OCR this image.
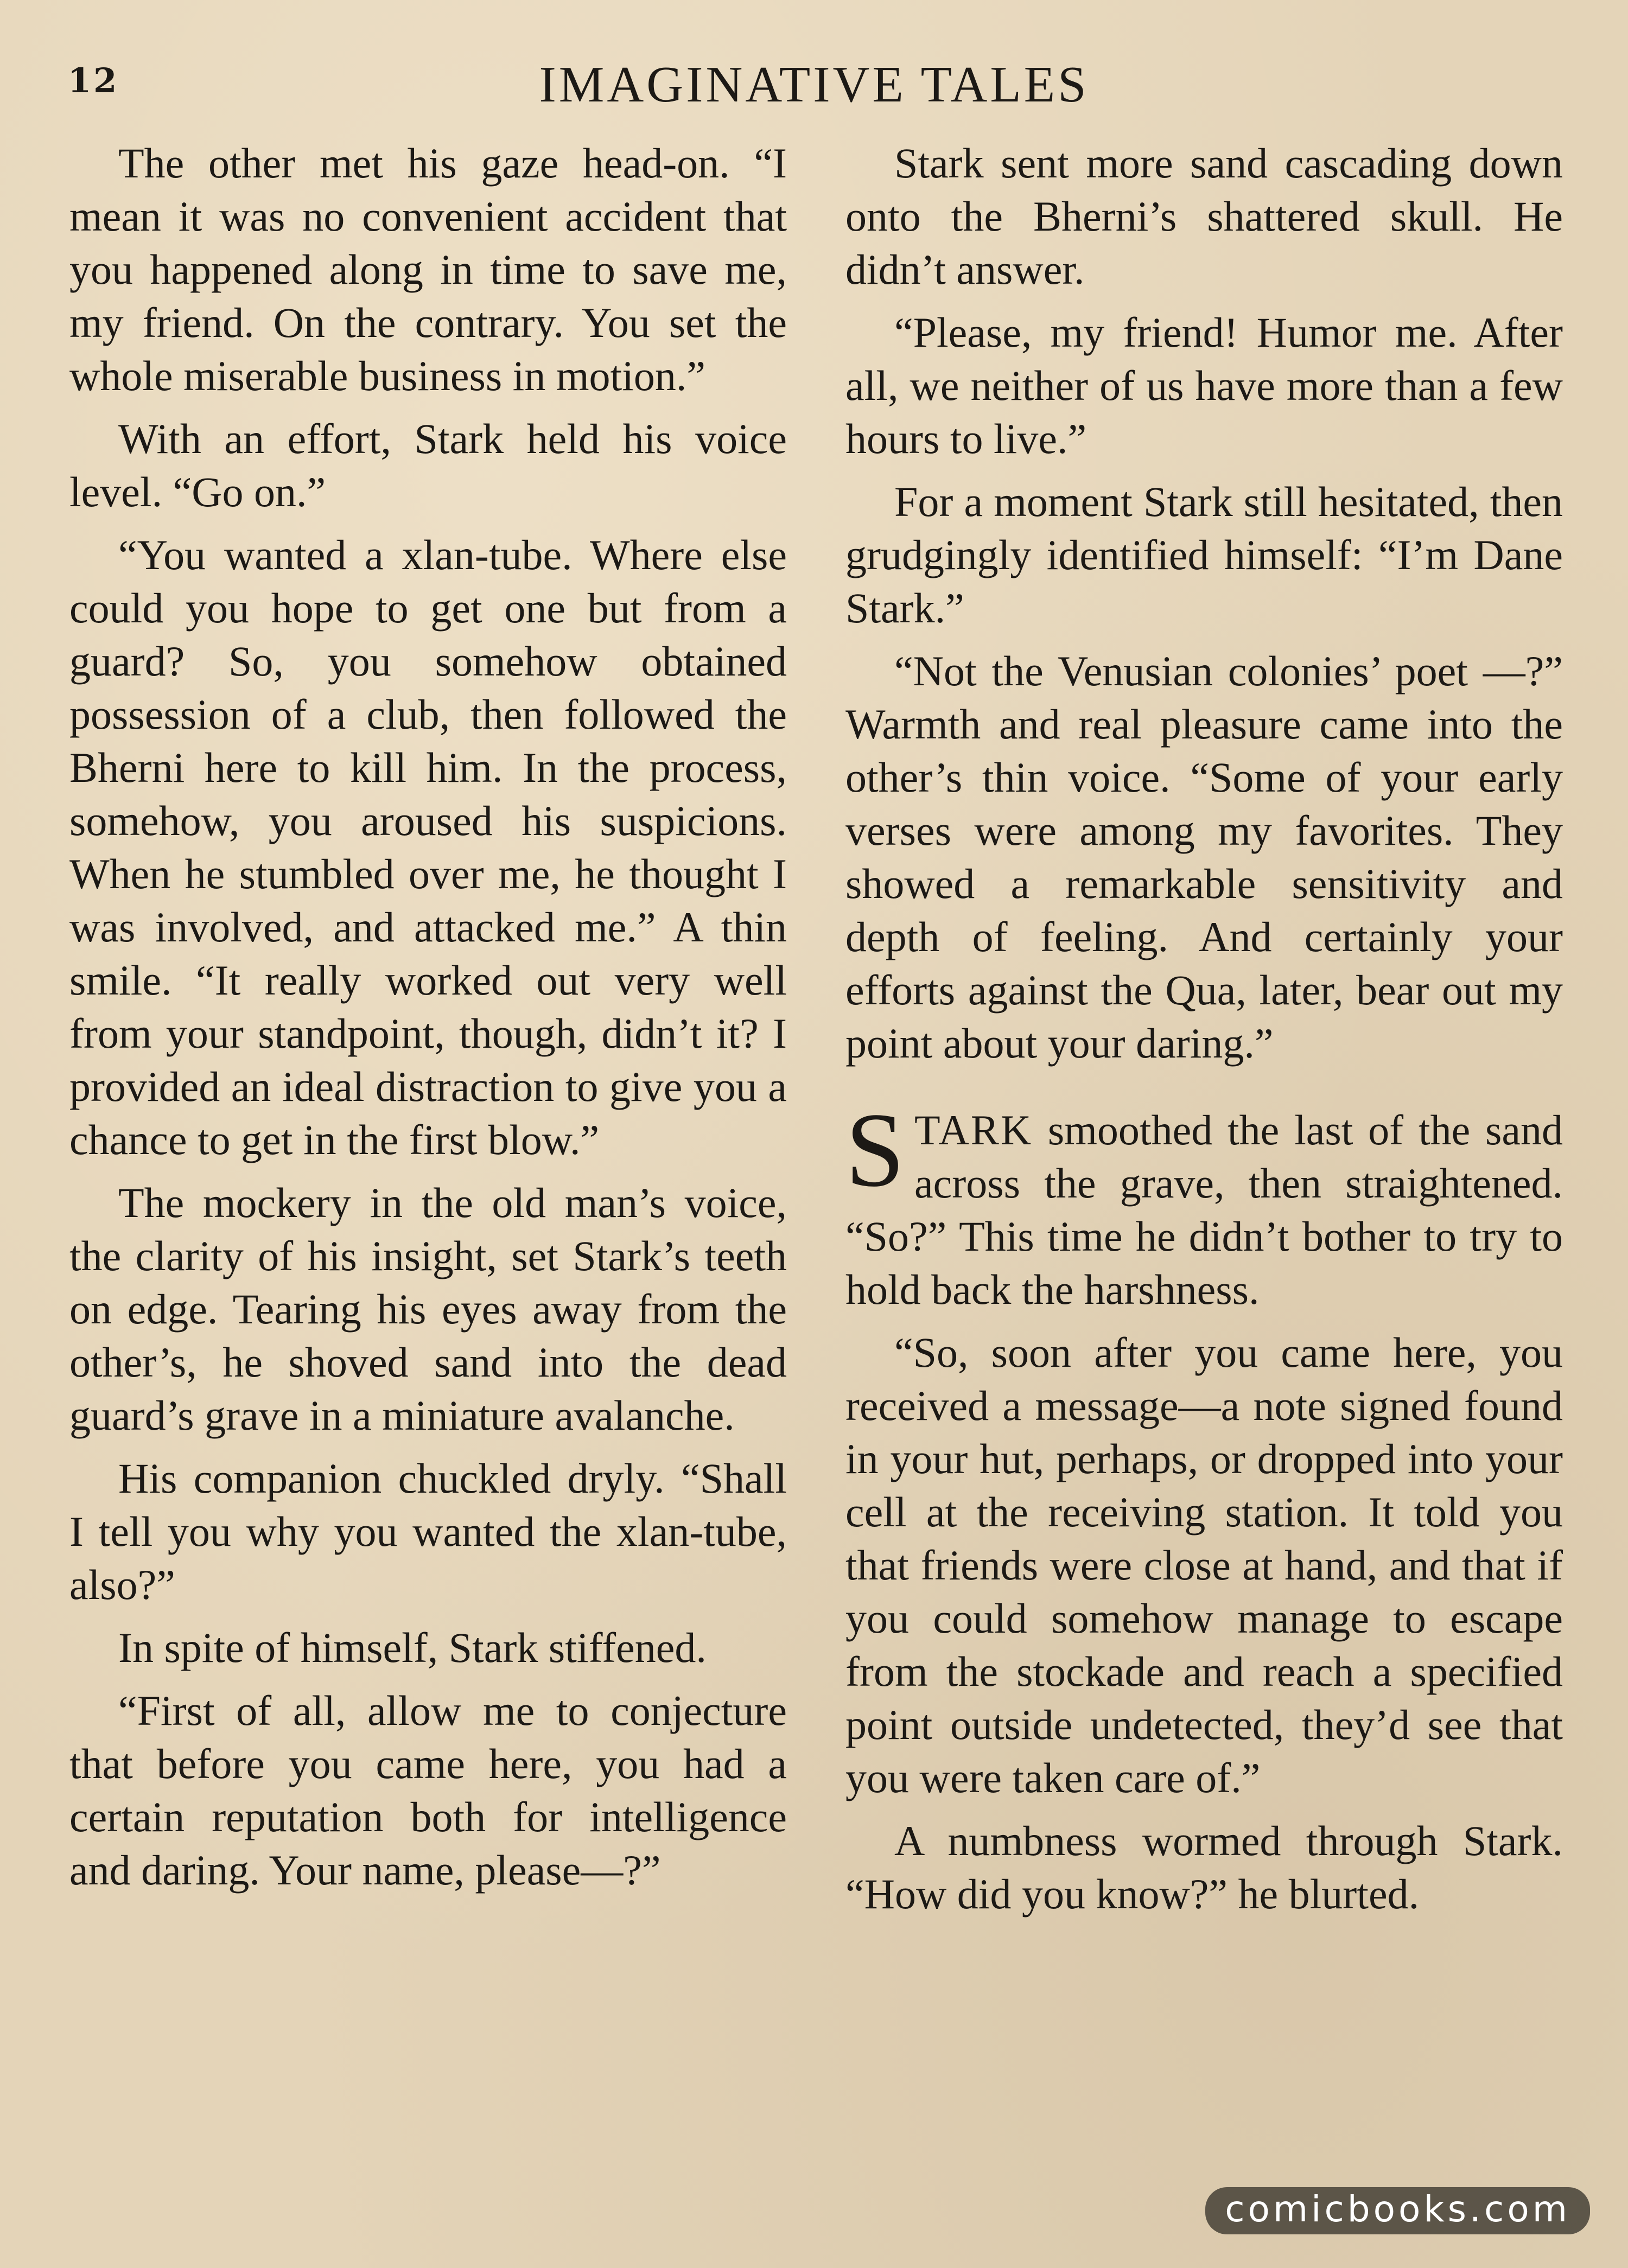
12	IMAGINATIVE TALES

The other met his gaze head-on. “I mean it was no convenient accident that you happened along in time to save me, my friend. On the contrary. You set the whole miserable business in motion.”

With an effort, Stark held his voice level. “Go on.”

“You wanted a xlan-tube. Where else could you hope to get one but from a guard? So, you somehow obtained possession of a club, then followed the Bherni here to kill him. In the process, somehow, you aroused his suspicions. When he stumbled over me, he thought I was involved, and attacked me.” A thin smile. “It really worked out very well from your standpoint, though, didn’t it? I provided an ideal distraction to give you a chance to get in the first blow.”

The mockery in the old man’s voice, the clarity of his insight, set Stark’s teeth on edge. Tearing his eyes away from the other’s, he shoved sand into the dead guard’s grave in a miniature avalanche.

His companion chuckled dryly. “Shall I tell you why you wanted the xlan-tube, also?”

In spite of himself, Stark stiffened.

“First of all, allow me to conjecture that before you came here, you had a certain reputation both for intelligence and daring. Your name, please—?”

Stark sent more sand cascading down onto the Bherni’s shattered skull. He didn’t answer.

“Please, my friend! Humor me. After all, we neither of us have more than a few hours to live.”

For a moment Stark still hesitated, then grudgingly identified himself: “I’m Dane Stark.”

“Not the Venusian colonies’ poet —?” Warmth and real pleasure came into the other’s thin voice. “Some of your early verses were among my favorites. They showed a remarkable sensitivity and depth of feeling. And certainly your efforts against the Qua, later, bear out my point about your daring.”

STARK smoothed the last of the sand across the grave, then straightened. “So?” This time he didn’t bother to try to hold back the harshness.

“So, soon after you came here, you received a message—a note signed found in your hut, perhaps, or dropped into your cell at the receiving station. It told you that friends were close at hand, and that if you could somehow manage to escape from the stockade and reach a specified point outside undetected, they’d see that you were taken care of.”

A numbness wormed through Stark. “How did you know?” he blurted.

comicbooks.com
